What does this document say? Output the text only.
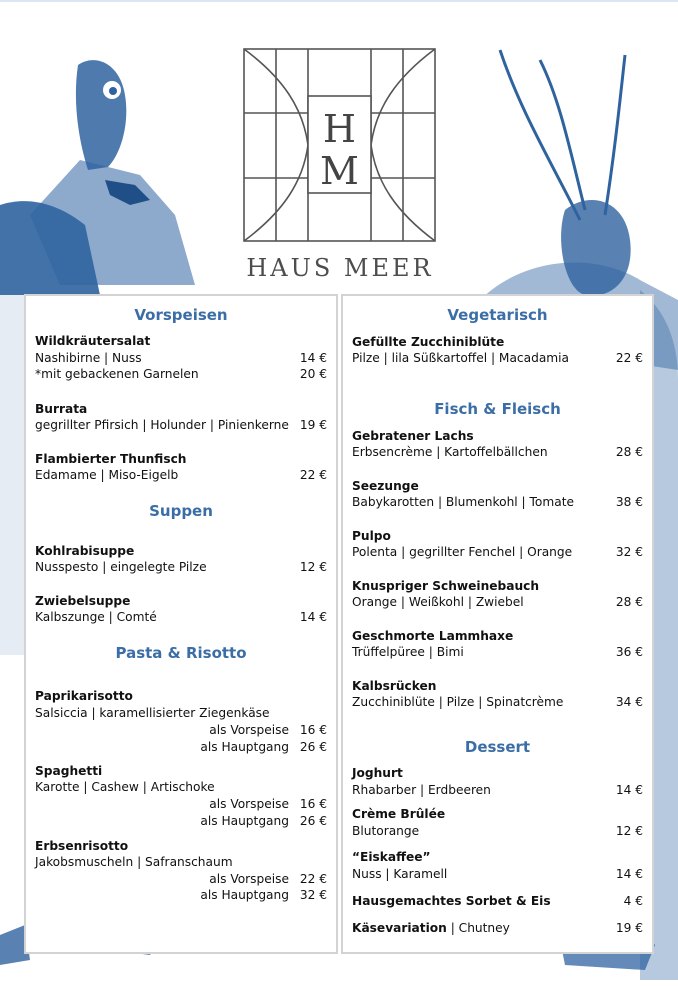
H
M
HAUS MEER
Vorspeisen
Wildkräutersalat
Nashibirne | Nuss	14 €
*mit gebackenen Garnelen	20 €
Burrata
gegrillter Pfirsich | Holunder | Pinienkerne 19 €
Flambierter Thunfisch
Edamame | Miso-Eigelb	22 €
Suppen
Kohlrabisuppe
Nusspesto | eingelegte Pilze	12 €
Zwiebelsuppe
Kalbszunge | Comté	14 €
Pasta & Risotto
Paprikarisotto
Salsiccia | karamellisierter Ziegenkäse
als Vorspeise 16 €
als Hauptgang 26 €
Spaghetti
Karotte | Cashew | Artischoke
als Vorspeise 16 €
als Hauptgang 26 €
Erbsenrisotto
Jakobsmuscheln | Safranschaum
als Vorspeise 22 €
als Hauptgang 32 €
Vegetarisch
Gefüllte Zucchiniblüte
Pilze | lila Süßkartoffel | Macadamia	22 €
Fisch & Fleisch
Gebratener Lachs
Erbsencrème | Kartoffelbällchen	28 €
Seezunge
Babykarotten | Blumenkohl | Tomate	38 €
Pulpo
Polenta | gegrillter Fenchel | Orange	32 €
Knuspriger Schweinebauch
Orange | Weißkohl | Zwiebel	28 €
Geschmorte Lammhaxe
Trüffelpüree | Bimi	36 €
Kalbsrücken
Zucchiniblüte | Pilze | Spinatcrème	34 €
Dessert
Joghurt
Rhabarber | Erdbeeren	14 €
Crème Brûlée
Blutorange	12 €
“Eiskaffee”
Nuss | Karamell	14 €
Hausgemachtes Sorbet & Eis	4 €
Käsevariation | Chutney	19 €
